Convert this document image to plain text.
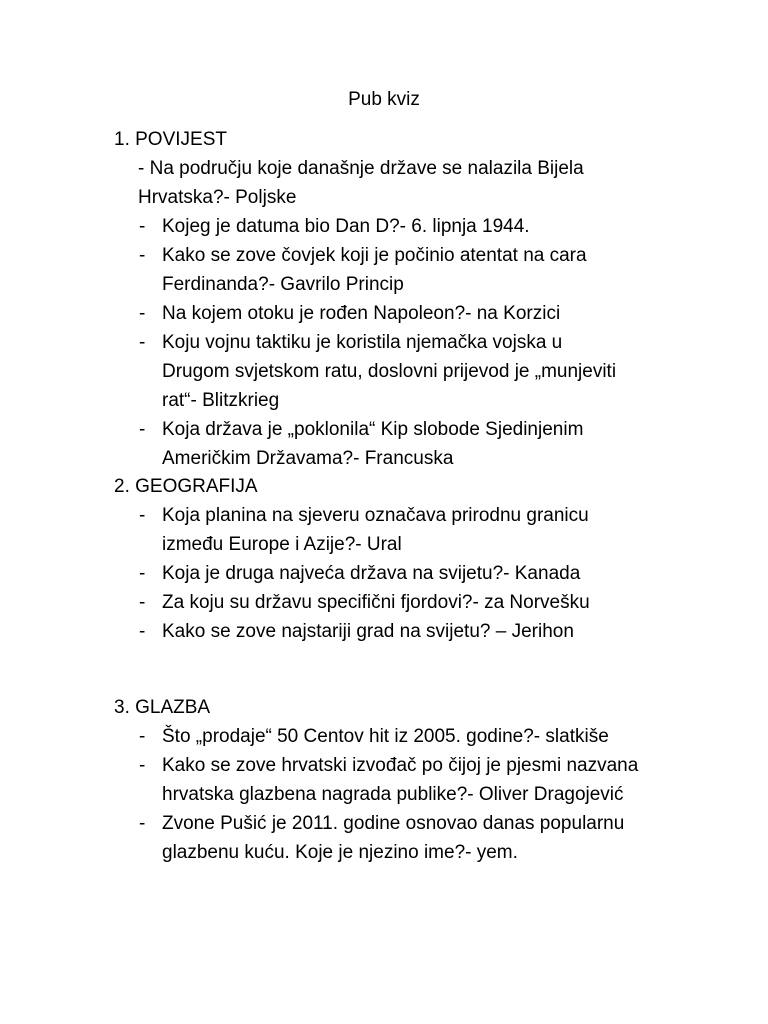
Pub kviz
1. POVIJEST
- Na području koje današnje države se nalazila Bijela Hrvatska?- Poljske
- Kojeg je datuma bio Dan D?- 6. lipnja 1944.
- Kako se zove čovjek koji je počinio atentat na cara Ferdinanda?- Gavrilo Princip
- Na kojem otoku je rođen Napoleon?- na Korzici
- Koju vojnu taktiku je koristila njemačka vojska u Drugom svjetskom ratu, doslovni prijevod je „munjeviti rat“- Blitzkrieg
- Koja država je „poklonila“ Kip slobode Sjedinjenim Američkim Državama?- Francuska
2. GEOGRAFIJA
- Koja planina na sjeveru označava prirodnu granicu između Europe i Azije?- Ural
- Koja je druga najveća država na svijetu?- Kanada
- Za koju su državu specifični fjordovi?- za Norvešku
- Kako se zove najstariji grad na svijetu? – Jerihon
3. GLAZBA
- Što „prodaje“ 50 Centov hit iz 2005. godine?- slatkiše
- Kako se zove hrvatski izvođač po čijoj je pjesmi nazvana hrvatska glazbena nagrada publike?- Oliver Dragojević
- Zvone Pušić je 2011. godine osnovao danas popularnu glazbenu kuću. Koje je njezino ime?- yem.
